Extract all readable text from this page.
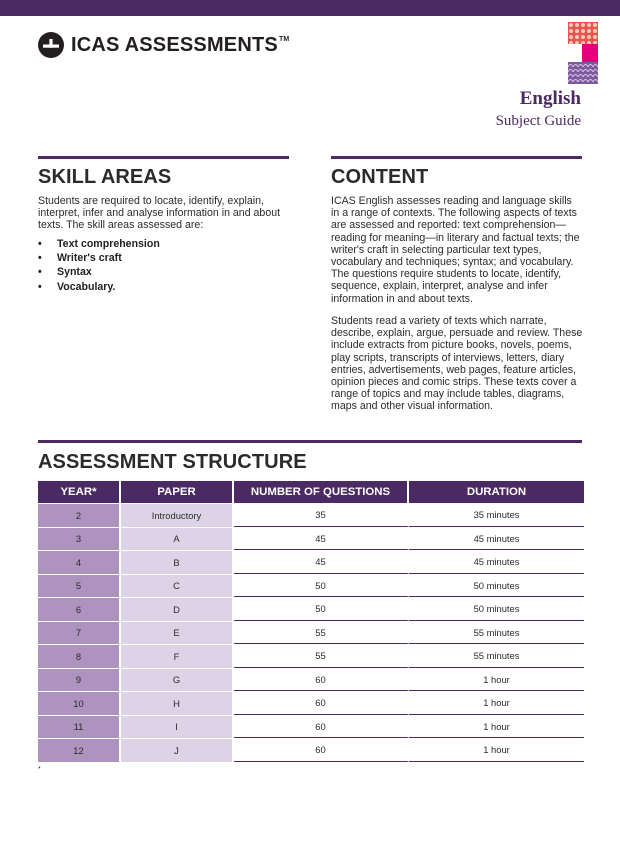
ICAS ASSESSMENTS™
English
Subject Guide
SKILL AREAS
Students are required to locate, identify, explain, interpret, infer and analyse information in and about texts. The skill areas assessed are:
• Text comprehension
• Writer's craft
• Syntax
• Vocabulary.
CONTENT
ICAS English assesses reading and language skills in a range of contexts. The following aspects of texts are assessed and reported: text comprehension—reading for meaning—in literary and factual texts; the writer's craft in selecting particular text types, vocabulary and techniques; syntax; and vocabulary. The questions require students to locate, identify, sequence, explain, interpret, analyse and infer information in and about texts.
Students read a variety of texts which narrate, describe, explain, argue, persuade and review. These include extracts from picture books, novels, poems, play scripts, transcripts of interviews, letters, diary entries, advertisements, web pages, feature articles, opinion pieces and comic strips. These texts cover a range of topics and may include tables, diagrams, maps and other visual information.
ASSESSMENT STRUCTURE
YEAR*	PAPER	NUMBER OF QUESTIONS	DURATION
2	Introductory	35	35 minutes
3	A	45	45 minutes
4	B	45	45 minutes
5	C	50	50 minutes
6	D	50	50 minutes
7	E	55	55 minutes
8	F	55	55 minutes
9	G	60	1 hour
10	H	60	1 hour
11	I	60	1 hour
12	J	60	1 hour
*
